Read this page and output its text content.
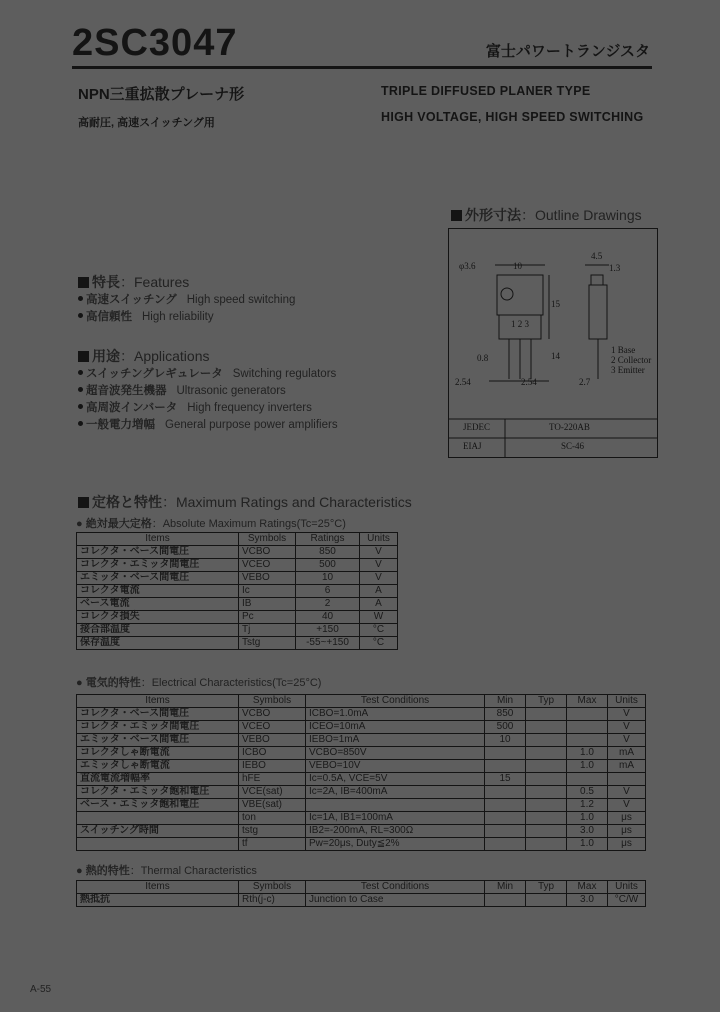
2SC3047	富士パワートランジスタ
NPN三重拡散プレーナ形
高耐圧, 高速スイッチング用
TRIPLE DIFFUSED PLANER TYPE
HIGH VOLTAGE, HIGH SPEED SWITCHING
外形寸法：Outline Drawings
φ3.6	10
4.5
1.3
15
14
0.8
1 2 3
2.54	2.54	2.7
1 Base
2 Collector
3 Emitter
JEDEC	TO-220AB
EIAJ	SC-46
特長：Features
高速スイッチング High speed switching
高信頼性 High reliability
用途：Applications
スイッチングレギュレータ Switching regulators
超音波発生機器 Ultrasonic generators
高周波インバータ High frequency inverters
一般電力増幅 General purpose power amplifiers
定格と特性：Maximum Ratings and Characteristics
● 絶対最大定格：Absolute Maximum Ratings(Tc=25°C)
Items	Symbols	Ratings	Units
コレクタ・ベース間電圧	VCBO	850	V
コレクタ・エミッタ間電圧	VCEO	500	V
エミッタ・ベース間電圧	VEBO	10	V
コレクタ電流	Ic	6	A
ベース電流	IB	2	A
コレクタ損失	Pc	40	W
接合部温度	Tj	+150	°C
保存温度	Tstg	-55~+150	°C
● 電気的特性：Electrical Characteristics(Tc=25°C)
Items	Symbols	Test Conditions	Min	Typ	Max	Units
コレクタ・ベース間電圧	VCBO	ICBO=1.0mA	850			V
コレクタ・エミッタ間電圧	VCEO	ICEO=10mA	500			V
エミッタ・ベース間電圧	VEBO	IEBO=1mA	10			V
コレクタしゃ断電流	ICBO	VCBO=850V			1.0	mA
エミッタしゃ断電流	IEBO	VEBO=10V			1.0	mA
直流電流増幅率	hFE	Ic=0.5A, VCE=5V	15			
コレクタ・エミッタ飽和電圧	VCE(sat)	Ic=2A, IB=400mA			0.5	V
ベース・エミッタ飽和電圧	VBE(sat)				1.2	V
	ton	Ic=1A, IB1=100mA			1.0	μs
スイッチング時間	tstg	IB2=-200mA, RL=300Ω			3.0	μs
	tf	Pw=20μs, Duty≦2%			1.0	μs
● 熱的特性：Thermal Characteristics
Items	Symbols	Test Conditions	Min	Typ	Max	Units
熱抵抗	Rth(j-c)	Junction to Case			3.0	°C/W
A-55
